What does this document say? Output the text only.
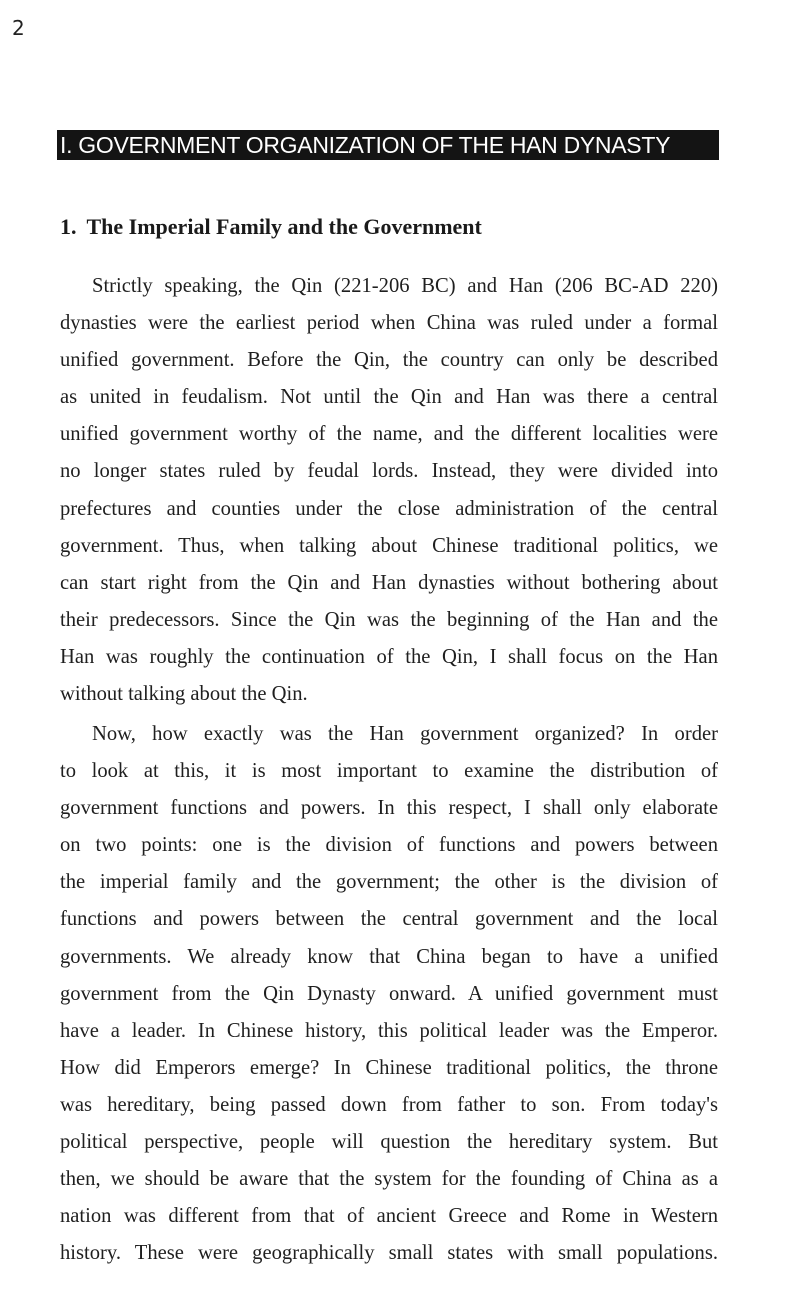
2
I. GOVERNMENT ORGANIZATION OF THE HAN DYNASTY
1. The Imperial Family and the Government
Strictly speaking, the Qin (221-206 BC) and Han (206 BC-AD 220)
dynasties were the earliest period when China was ruled under a formal
unified government. Before the Qin, the country can only be described
as united in feudalism. Not until the Qin and Han was there a central
unified government worthy of the name, and the different localities were
no longer states ruled by feudal lords. Instead, they were divided into
prefectures and counties under the close administration of the central
government. Thus, when talking about Chinese traditional politics, we
can start right from the Qin and Han dynasties without bothering about
their predecessors. Since the Qin was the beginning of the Han and the
Han was roughly the continuation of the Qin, I shall focus on the Han
without talking about the Qin.
Now, how exactly was the Han government organized? In order
to look at this, it is most important to examine the distribution of
government functions and powers. In this respect, I shall only elaborate
on two points: one is the division of functions and powers between
the imperial family and the government; the other is the division of
functions and powers between the central government and the local
governments. We already know that China began to have a unified
government from the Qin Dynasty onward. A unified government must
have a leader. In Chinese history, this political leader was the Emperor.
How did Emperors emerge? In Chinese traditional politics, the throne
was hereditary, being passed down from father to son. From today's
political perspective, people will question the hereditary system. But
then, we should be aware that the system for the founding of China as a
nation was different from that of ancient Greece and Rome in Western
history. These were geographically small states with small populations.
